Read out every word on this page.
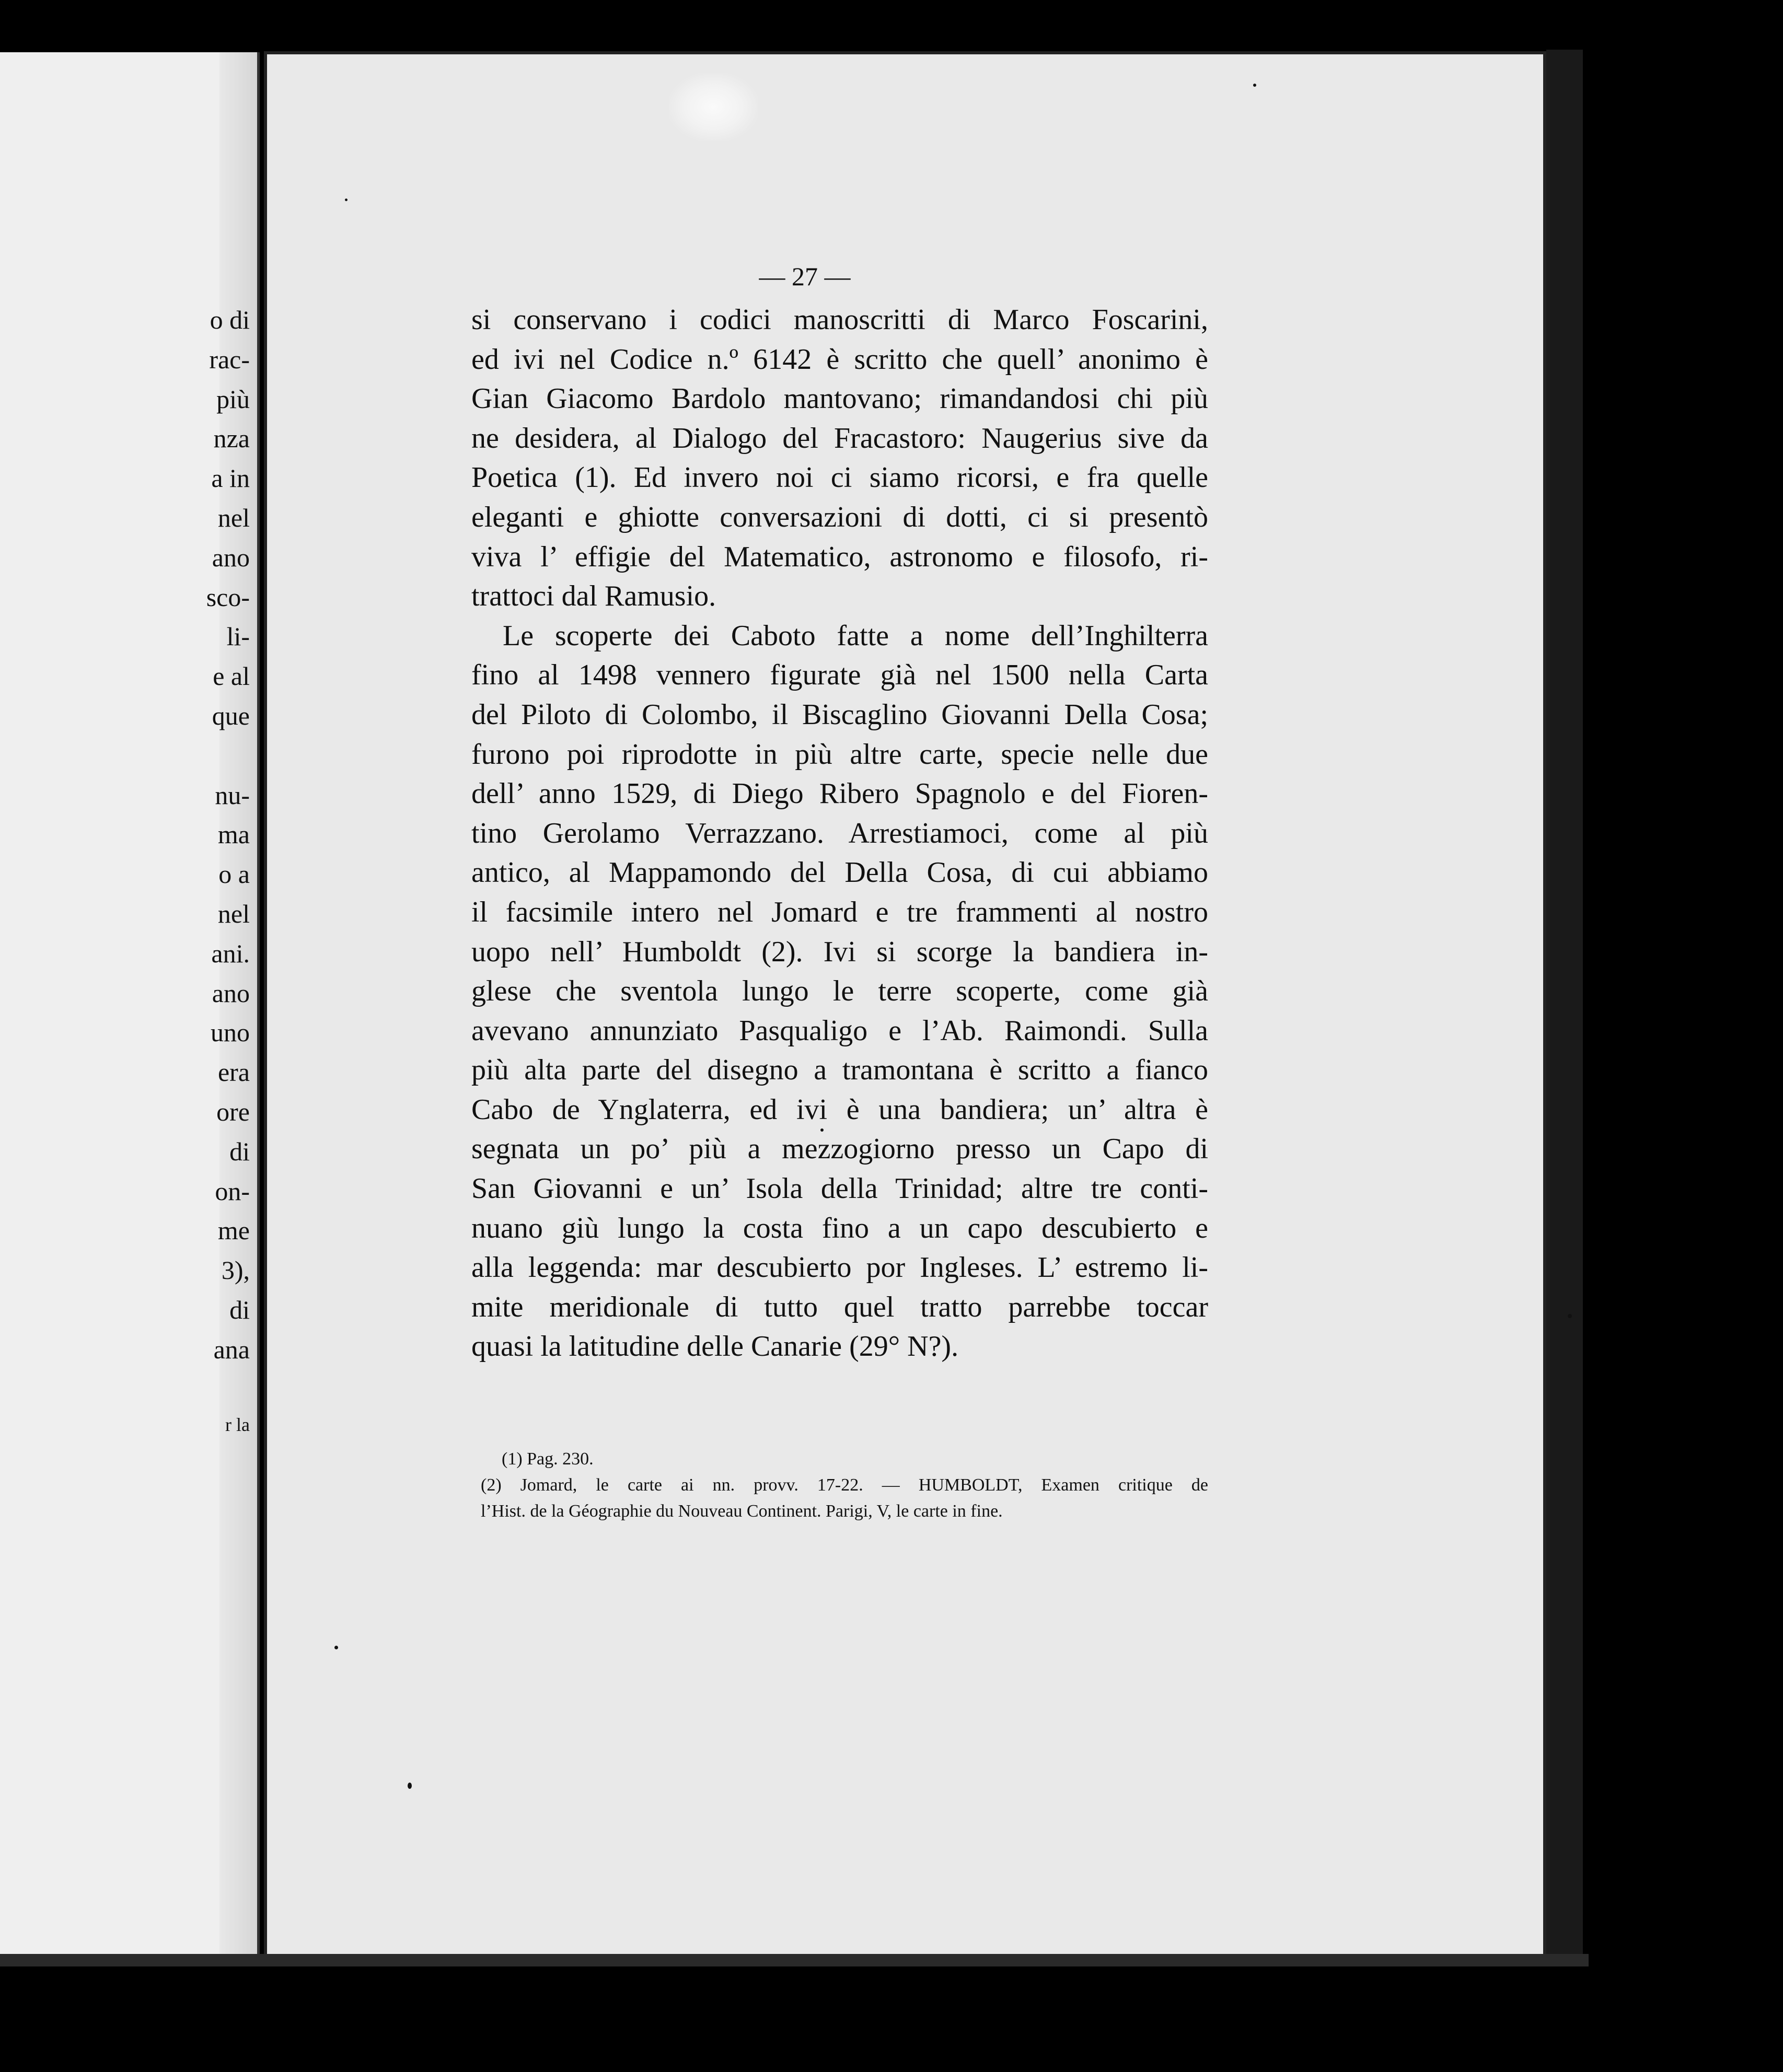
o di
rac-
più
nza
a in
nel
ano
sco-
li-
e al
que
nu-
ma
o a
nel
ani.
ano
uno
era
ore
di
on-
me
3),
di
ana
r la
— 27 —
si conservano i codici manoscritti di Marco Foscarini,
ed ivi nel Codice n.º 6142 è scritto che quell’ anonimo è
Gian Giacomo Bardolo mantovano; rimandandosi chi più
ne desidera, al Dialogo del Fracastoro: Naugerius sive da
Poetica (1). Ed invero noi ci siamo ricorsi, e fra quelle
eleganti e ghiotte conversazioni di dotti, ci si presentò
viva l’ effigie del Matematico, astronomo e filosofo, ri-
trattoci dal Ramusio.
Le scoperte dei Caboto fatte a nome dell’Inghilterra
fino al 1498 vennero figurate già nel 1500 nella Carta
del Piloto di Colombo, il Biscaglino Giovanni Della Cosa;
furono poi riprodotte in più altre carte, specie nelle due
dell’ anno 1529, di Diego Ribero Spagnolo e del Fioren-
tino Gerolamo Verrazzano. Arrestiamoci, come al più
antico, al Mappamondo del Della Cosa, di cui abbiamo
il facsimile intero nel Jomard e tre frammenti al nostro
uopo nell’ Humboldt (2). Ivi si scorge la bandiera in-
glese che sventola lungo le terre scoperte, come già
avevano annunziato Pasqualigo e l’Ab. Raimondi. Sulla
più alta parte del disegno a tramontana è scritto a fianco
Cabo de Ynglaterra, ed ivi è una bandiera; un’ altra è
segnata un po’ più a mezzogiorno presso un Capo di
San Giovanni e un’ Isola della Trinidad; altre tre conti-
nuano giù lungo la costa fino a un capo descubierto e
alla leggenda: mar descubierto por Ingleses. L’ estremo li-
mite meridionale di tutto quel tratto parrebbe toccar
quasi la latitudine delle Canarie (29° N?).
(1) Pag. 230.
(2) Jomard, le carte ai nn. provv. 17-22. — HUMBOLDT, Examen critique de
l’Hist. de la Géographie du Nouveau Continent. Parigi, V, le carte in fine.
